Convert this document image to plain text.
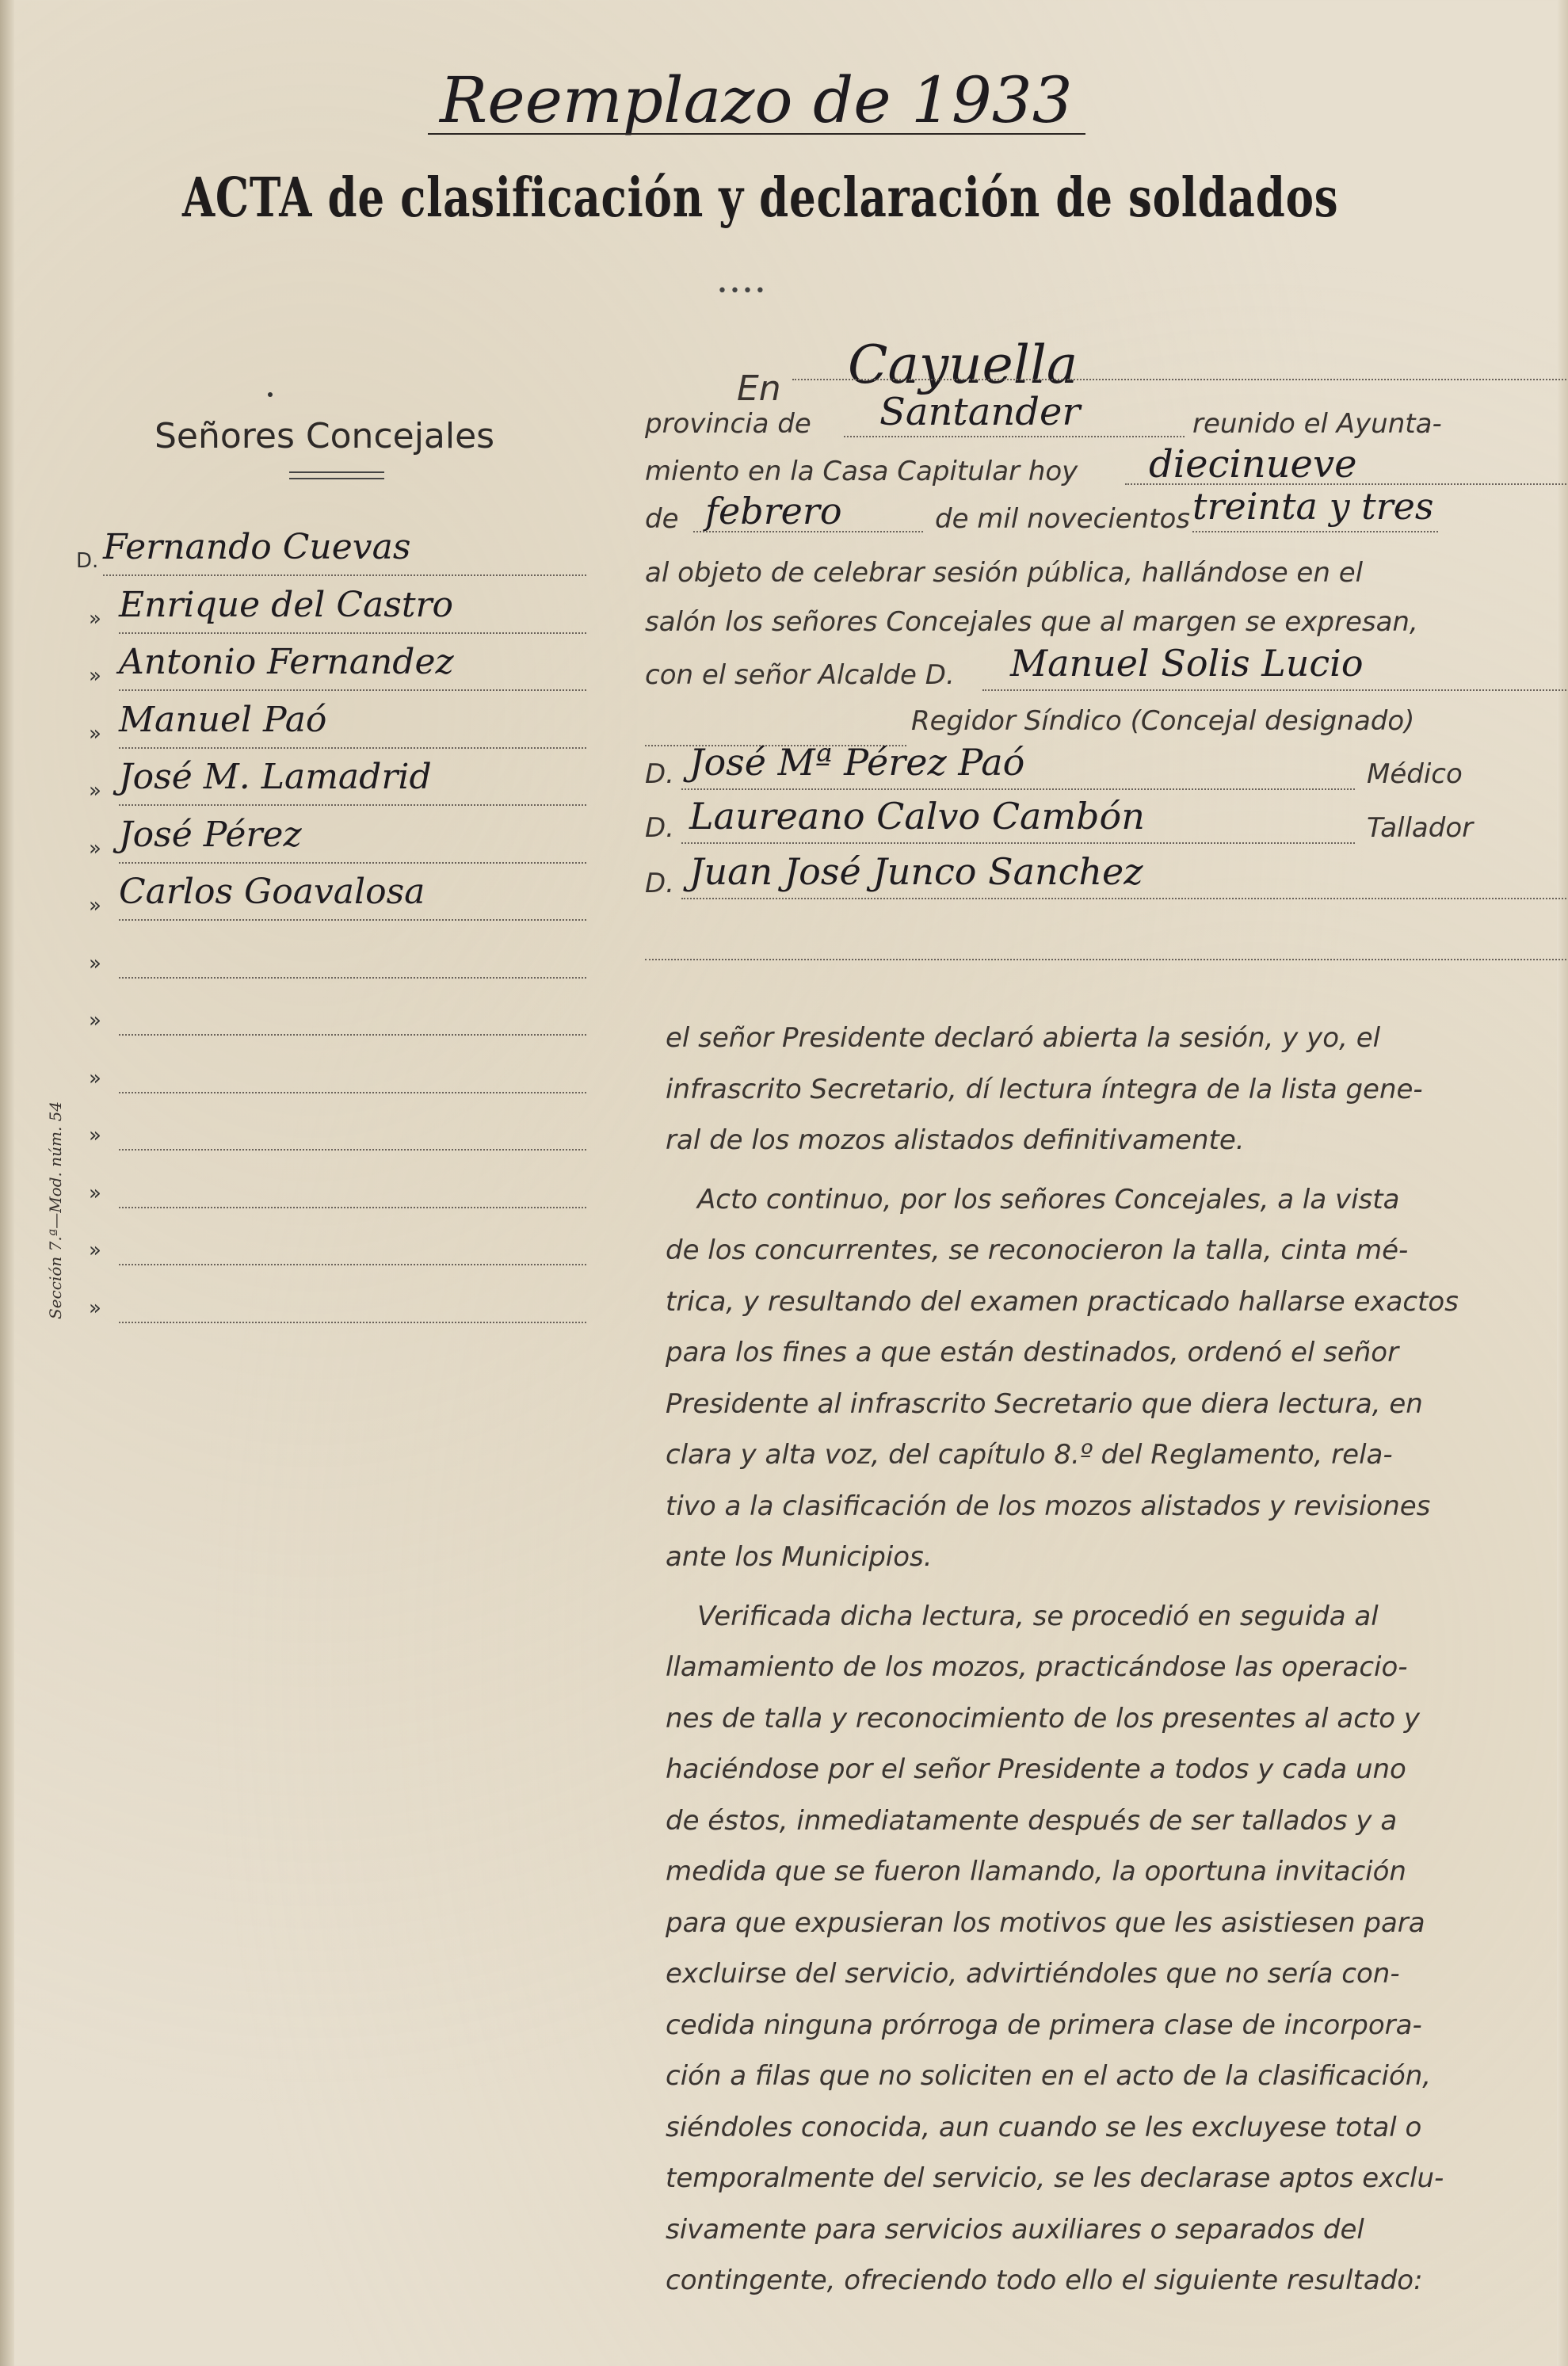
Reemplazo de 1933
ACTA de clasificación y declaración de soldados
••••
Señores Concejales
D. Fernando Cuevas
» Enrique del Castro
» Antonio Fernandez
» Manuel Paó
» José M. Lamadrid
» José Pérez
» Carlos Goavalosa
»
»
»
»
»
»
»
En Cayuella
provincia de Santander	reunido el Ayunta-
miento en la Casa Capitular hoy diecinueve
de febrero	de mil novecientos treinta y tres
al objeto de celebrar sesión pública, hallándose en el
salón los señores Concejales que al margen se expresan,
con el señor Alcalde D. Manuel Solis Lucio
Regidor Síndico (Concejal designado)
D. José Mª Pérez Paó	Médico
D. Laureano Calvo Cambón	Tallador
D. Juan José Junco Sanchez
el señor Presidente declaró abierta la sesión, y yo, el
infrascrito Secretario, dí lectura íntegra de la lista gene-
ral de los mozos alistados definitivamente.
Acto continuo, por los señores Concejales, a la vista
de los concurrentes, se reconocieron la talla, cinta mé-
trica, y resultando del examen practicado hallarse exactos
para los fines a que están destinados, ordenó el señor
Presidente al infrascrito Secretario que diera lectura, en
clara y alta voz, del capítulo 8.º del Reglamento, rela-
tivo a la clasificación de los mozos alistados y revisiones
ante los Municipios.
Verificada dicha lectura, se procedió en seguida al
llamamiento de los mozos, practicándose las operacio-
nes de talla y reconocimiento de los presentes al acto y
haciéndose por el señor Presidente a todos y cada uno
de éstos, inmediatamente después de ser tallados y a
medida que se fueron llamando, la oportuna invitación
para que expusieran los motivos que les asistiesen para
excluirse del servicio, advirtiéndoles que no sería con-
cedida ninguna prórroga de primera clase de incorpora-
ción a filas que no soliciten en el acto de la clasificación,
siéndoles conocida, aun cuando se les excluyese total o
temporalmente del servicio, se les declarase aptos exclu-
sivamente para servicios auxiliares o separados del
contingente, ofreciendo todo ello el siguiente resultado:
Sección 7.ª—Mod. núm. 54
